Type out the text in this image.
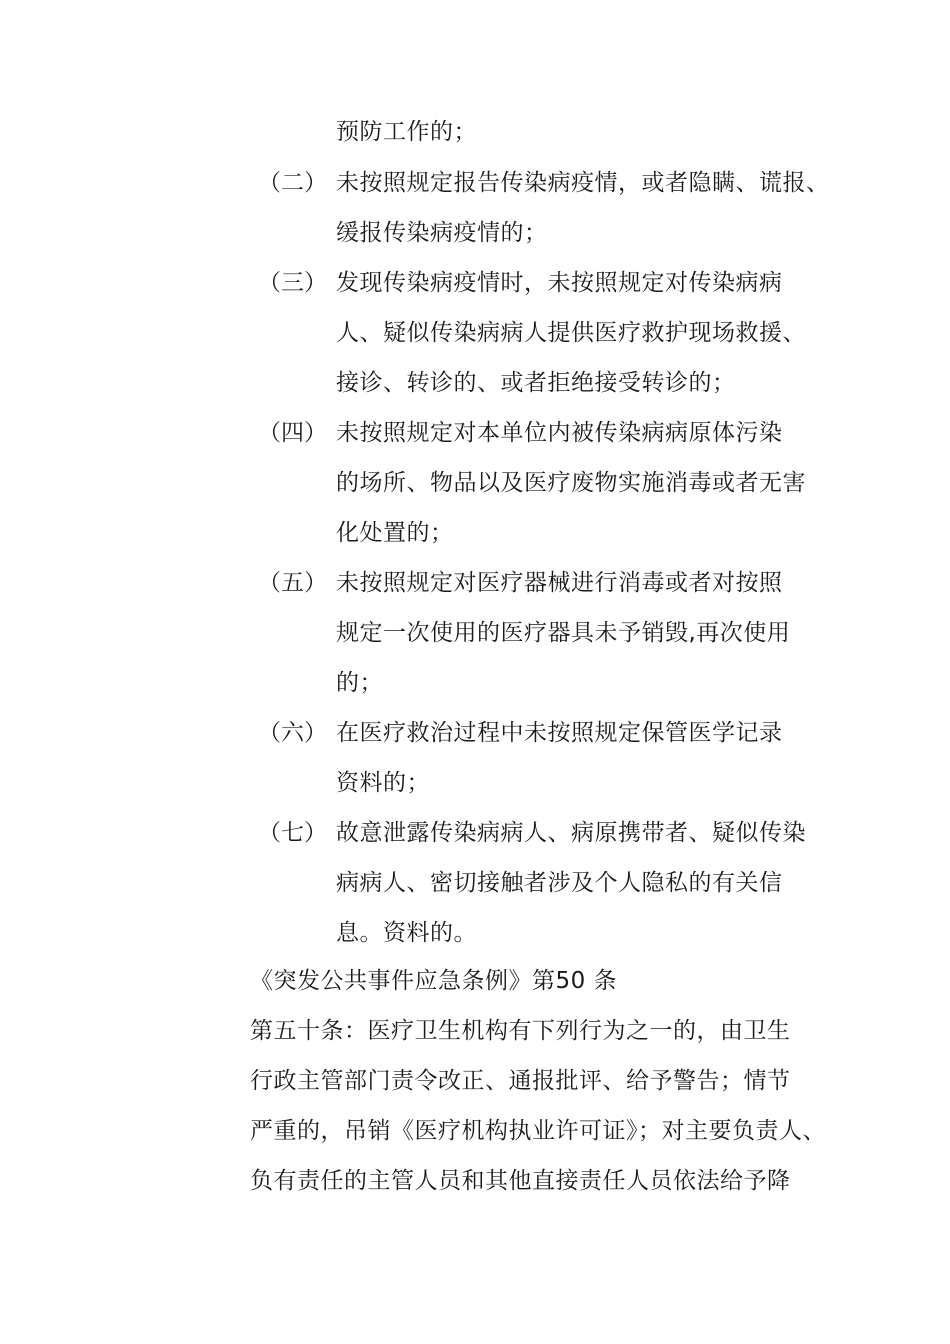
预防工作的；
（二） 未按照规定报告传染病疫情，或者隐瞒、谎报、
缓报传染病疫情的；
（三） 发现传染病疫情时，未按照规定对传染病病
人、疑似传染病病人提供医疗救护现场救援、
接诊、转诊的、或者拒绝接受转诊的；
（四） 未按照规定对本单位内被传染病病原体污染
的场所、物品以及医疗废物实施消毒或者无害
化处置的；
（五） 未按照规定对医疗器械进行消毒或者对按照
规定一次使用的医疗器具未予销毁,再次使用
的；
（六） 在医疗救治过程中未按照规定保管医学记录
资料的；
（七） 故意泄露传染病病人、病原携带者、疑似传染
病病人、密切接触者涉及个人隐私的有关信
息。资料的。
《突发公共事件应急条例》第50 条
第五十条：医疗卫生机构有下列行为之一的，由卫生
行政主管部门责令改正、通报批评、给予警告；情节
严重的，吊销《医疗机构执业许可证》；对主要负责人、
负有责任的主管人员和其他直接责任人员依法给予降
